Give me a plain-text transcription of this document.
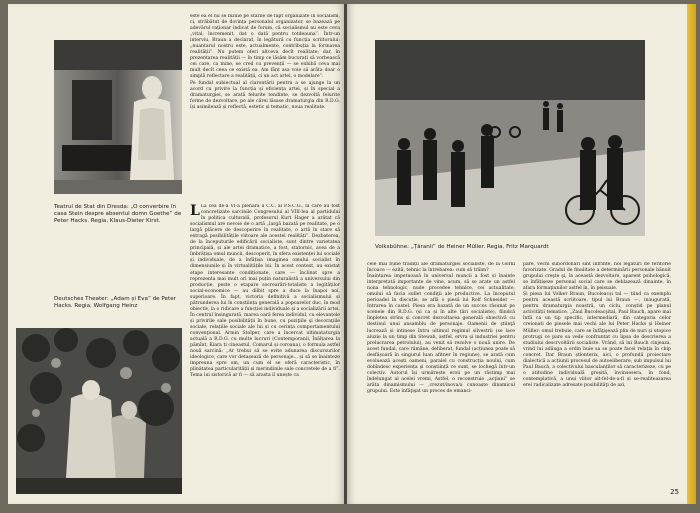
Teatrul de Stat din Dresda: „O converbire în casa Stein despre absentul domn Goethe” de Peter Hacks. Regia, Klaus-Dieter Kirst.
Deutsches Theater: „Adam și Eva” de Peter Hacks. Regia, Wolfgang Heinz
este ea el nu se bizuie pe stările de fapt organizate în socialism, ci, străbătut de dorința personalul organizator, se bazează pe adevărul raționar indicat de forum, că socialismul nu este ceva „vital, încremenit, dat o dată pentru totdeauna”. Într-un interviu, Braun a declarat, în legătură cu funcția scriitorului: „nuantarul nostru este, actualmente, contribuția la formarea realității”. Nu putem oferi altceva decît realitate; dar, în prezentarea realității — în timp ce lăsăm bucurați să vorbească cei care, ca mine, se cred cu prevenții — se exhibă ceva mai mult decît ceea ce există ea. Am fânt asa voie să arăta doar o simplă reflectare a realității, ci un act artei, o modelare”.
Pe fundal subiectual al clarontării pentru a se ajunge la un acord cu privire la funcția și eficiența artei, și în special a dramaturgiei, se arată felurite tendinte, se dezvoltă felurite forme de dezvoltare, pe ale cărei lăsase dramaturgia din R.D.G. își asimilează și reflectă, estetic și tematic, noua realitate.
L La cea de-a VI-a plenară a C.C. al P.S.C.G., la care au fost concretizate sarcinile Congresului al VIII-lea al partidului în politica culturală, profesorul Kurt Hager a arătat că socialismul are nevoie de o artă „largă bazată pe realitate, pe o largă plăcere de descoperire în realitate, o artă în stare să extragă posibilitățile viitoare ale acestei realități”. Dezbaterea, de la începuturile edificării socialiste, sunt dintre varietatea principală, și ale artei dramatice, a fost, statornic, avea de a îmbrățișa omul muncii, descoperit, în sfera existenței lui sociale și individuale, de a înfățișa imaginea omului socialist în dimensiunile și în virtualitățile lui. În acest context, au existat etape interesante condiționate, care — înclinat spre a reprezenta mai mult ori mai puțin naturalistă a universului din producție, peste o etapare socrearări-totaliste a legităților social-economice — au dilbit spre a duce la înapoi noi, superioare. În fapt, victoria definitivă a socialismului și pătrunderea lui în conștiința generală a popoarelor duc, în mod obiectiv, la o ridicare a funcției individuale şi a socializării artei. În centrul însingurată, marea oară ferea individul, cu elevanțele și privirile sale posibilității în bune, cu poziţiile şi decoraţiile sociale, relațiile sociale ale lui și cu cerința comportamentului convenţional. Armin Stolper, care a încercat ultimataturgia actuală a R.D.G. cu multe lucruri (Contemporanii, Înălțarea la pămînt, Kiara ți cineastul, Comarul și coroana), o formula astfel nouă sarcină: „Ar trebui să se evite adunarea discursurilor ideologice, care vor detașează de personaje... și să se înainteze impreuna spre om, un cum el se oferă caracteristic, în plinătatea particularității și merindinile sale concretele de a fi”. Tema lui sistorică ar fi — să arasta il unește ca
Volksbühne: „Țăranii” de Heiner Müller. Regia, Fritz Marquardt
cele mai bune tradiții ale dramaturgiei socialiste, de la Gorki încoace — ezită, tehnic la întrebarea: cum să trăim?
Înaintarea impetuoasă în universul muncii a fost și înainte interpretată importante de vine, acum, să se arate un astfel nona tehnologic, nude procedee tehnice, cei actualitate, omului să facia sullet condiţii ale productive. La începutul perioadei în discuție, se află o piesă lui Rolf Schneider — Intrarea în castel. Piesa era bazată de un succes răsunat pe scenele din R.D.G. (și ca și în alte țări socialiste), fiindcă împletea strîns și concret dezvoltarea generală obiectivă cu destinul unui ansamblu de personaje. Oamenii de ştiinţă lucrează și intinese întru ultimul regimul silvestrii (se lace aluzie la un timp din Stewah, astfel, ervra și industriei pentru prelucrarea petrolului), au venit să rezolve o nouă unire. De acest fundal, care rămâne, deliberat, fundal (acțiunea poate să desfășoară în singurul luan afitner în regiune), se arată cum evoluează acești oameni, paralel cu construcția noului, cum dobîndesc experiența și conștiință ce sunt, se lochegă într-un colectiv. Autorul își urmărește eroii pe un răstimp mai îndelungat al acelei vremi, Astfel, o reconstruie „acţiuni” se arăta dinamismului — ,crezut/inova/a cunoaște dinamicul grupului. Este înfăţişat un proces de emanci-
pare, vechi subordonări sînt înfrînte, noi legături de teritorie favorizate. Gradul de finalitate a determinării personale bănuit grupului creşte şi, în această dezvoltare, aparent psihologică, se înfățișeze personal social care se deblazează dinainte, în afara formaţiunilor astfel în, în peisuale.
Și piesa lui Volker Braun, Bucoleacși tal — tiind ca exemplu pentru această scriitoare, tipul lui Braun —, inaugurată, pentru dramaturgia noastră, un ciclu, conștid pe planul activității tematice. „Zaul Bucoleacşital, Paul Bauch, apare mai întîi ca un tip specific, intermediară, din categoria celor creionati de piesele mai vechi ale lui Peter Hacks și Heiner Müller: omul trebuie, care se înfăţişează plin de nuri și utopice protrugi ce pare sa vede confruntat cu lipsa de descrierea a studiului descrvoltării socialiste. Vrând, să lui Bauch cinjeaza, vrind lui adăuga a ordin buie sa se poate facei relația în chip concret. Dar Braun ștlonterix, aici, o profundă proiectare dialectică a acțiunii procesul de autoeliberare, sub impulsul lui Paul Bauch, a colectivului basculanților să caracterizeze, cu pe o atitudine individuală greșită, învinsesera, în fond, contemplativă, a unui viitor alt-fel-de-a-fi și se-realiteazarea erei radicalizate adresate posibilităţi de azi,
25
